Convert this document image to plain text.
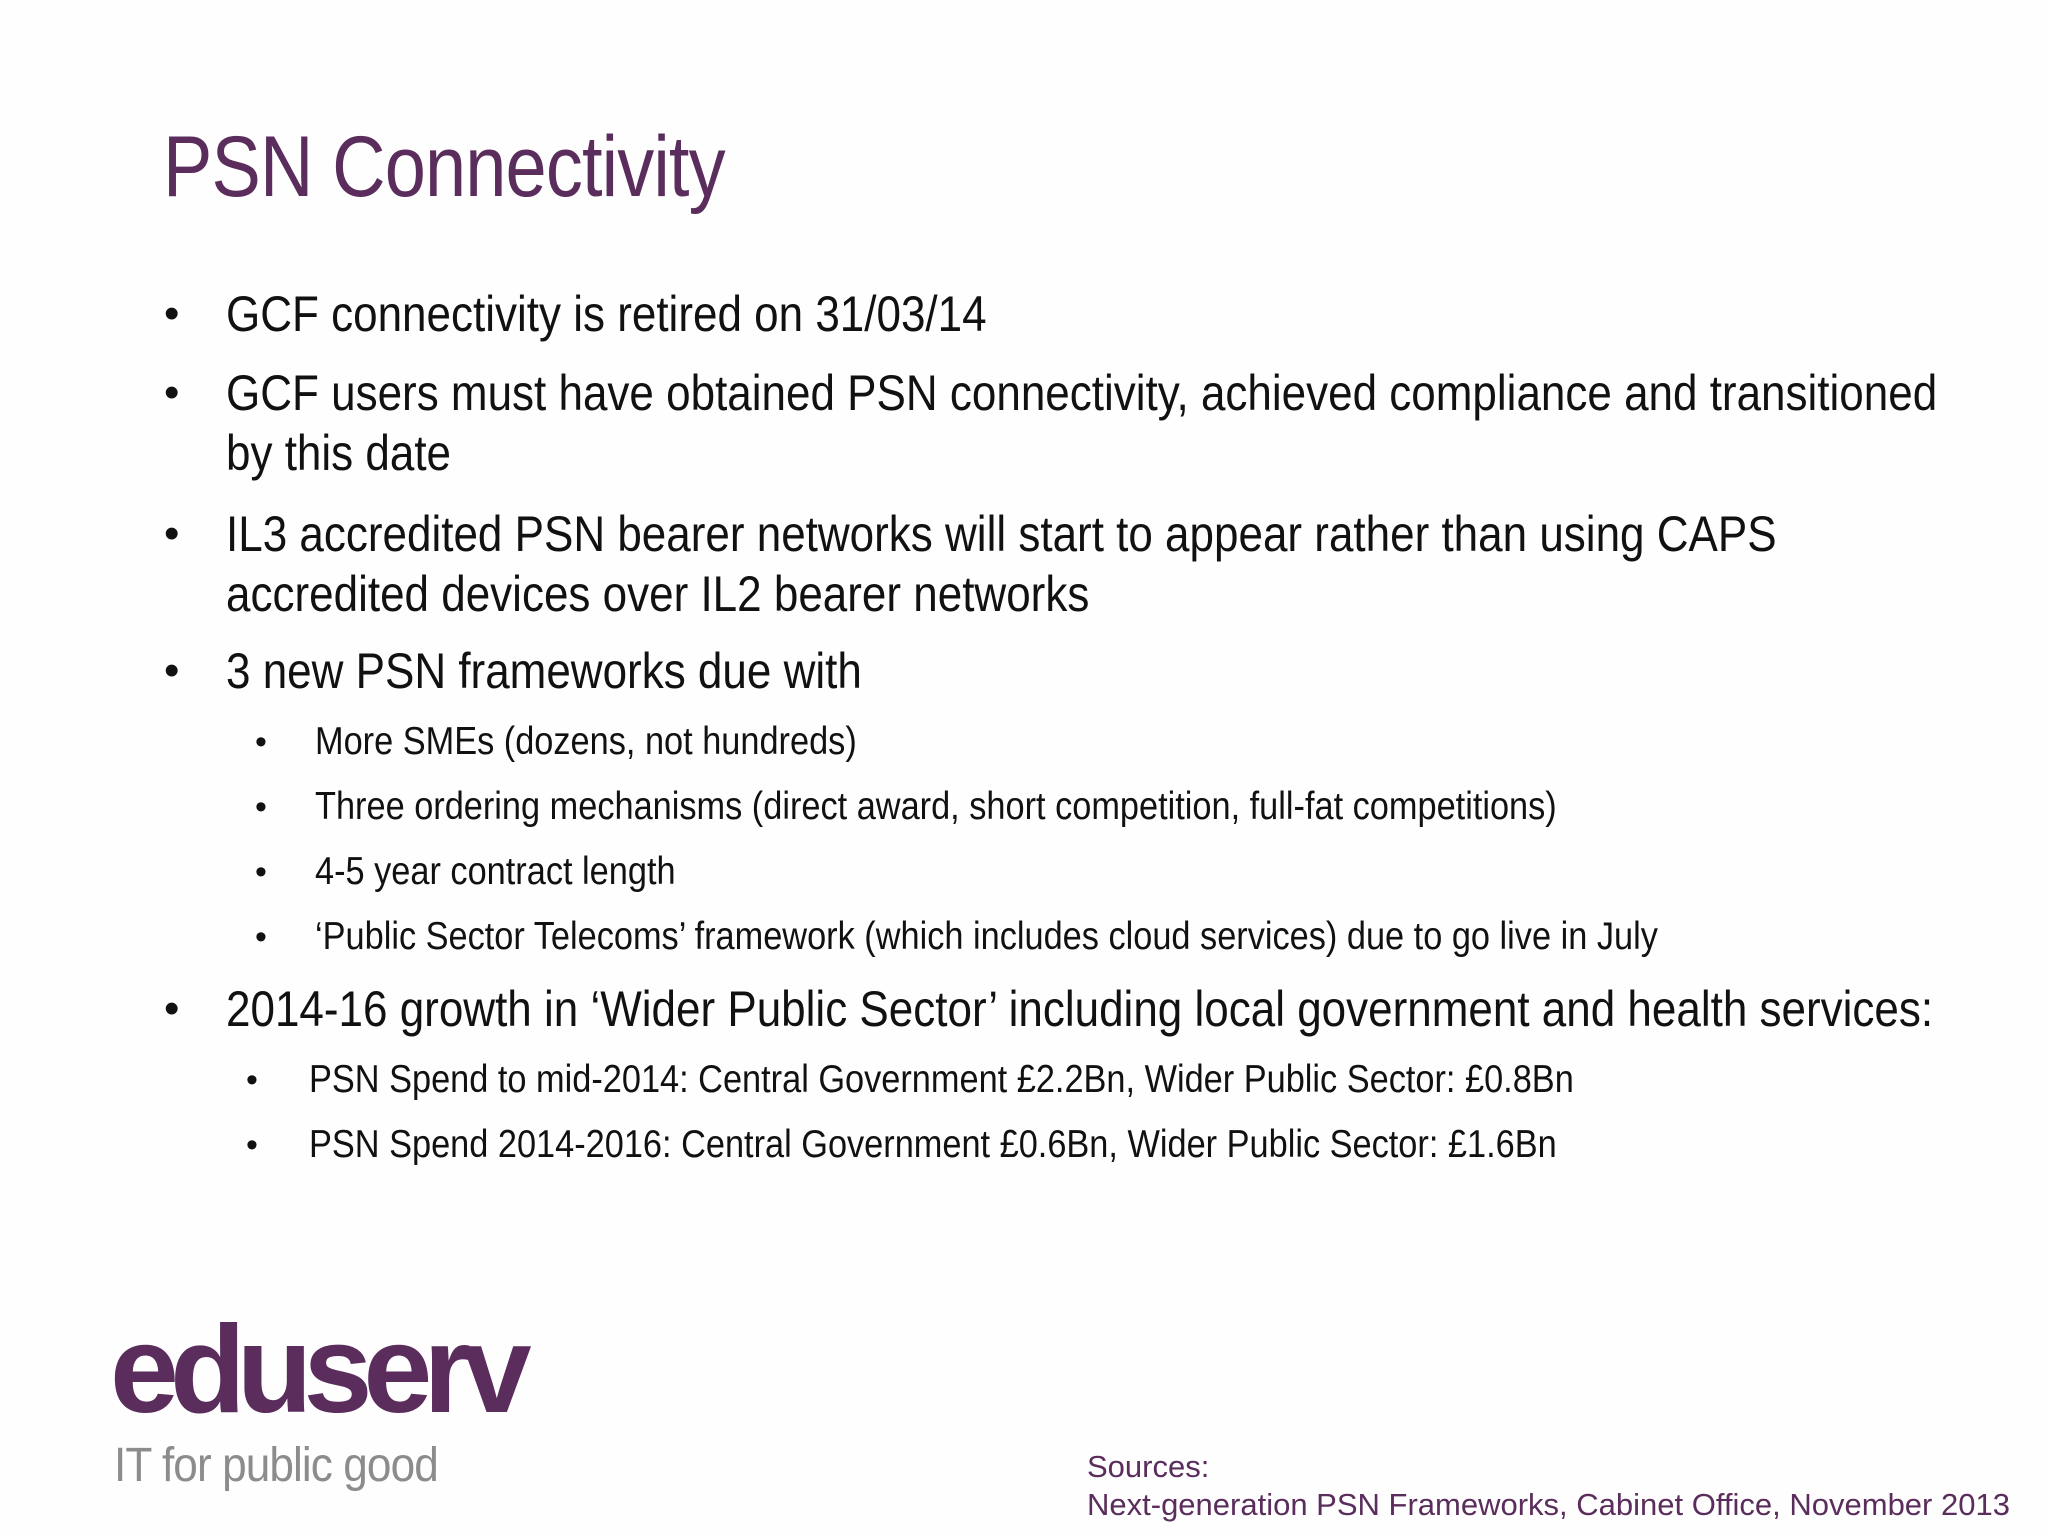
PSN Connectivity
• GCF connectivity is retired on 31/03/14
• GCF users must have obtained PSN connectivity, achieved compliance and transitioned
by this date
• IL3 accredited PSN bearer networks will start to appear rather than using CAPS
accredited devices over IL2 bearer networks
• 3 new PSN frameworks due with
• More SMEs (dozens, not hundreds)
• Three ordering mechanisms (direct award, short competition, full-fat competitions)
• 4-5 year contract length
• ‘Public Sector Telecoms’ framework (which includes cloud services) due to go live in July
• 2014-16 growth in ‘Wider Public Sector’ including local government and health services:
• PSN Spend to mid-2014: Central Government £2.2Bn, Wider Public Sector: £0.8Bn
• PSN Spend 2014-2016: Central Government £0.6Bn, Wider Public Sector: £1.6Bn
eduserv
IT for public good	Sources:
Next-generation PSN Frameworks, Cabinet Office, November 2013
